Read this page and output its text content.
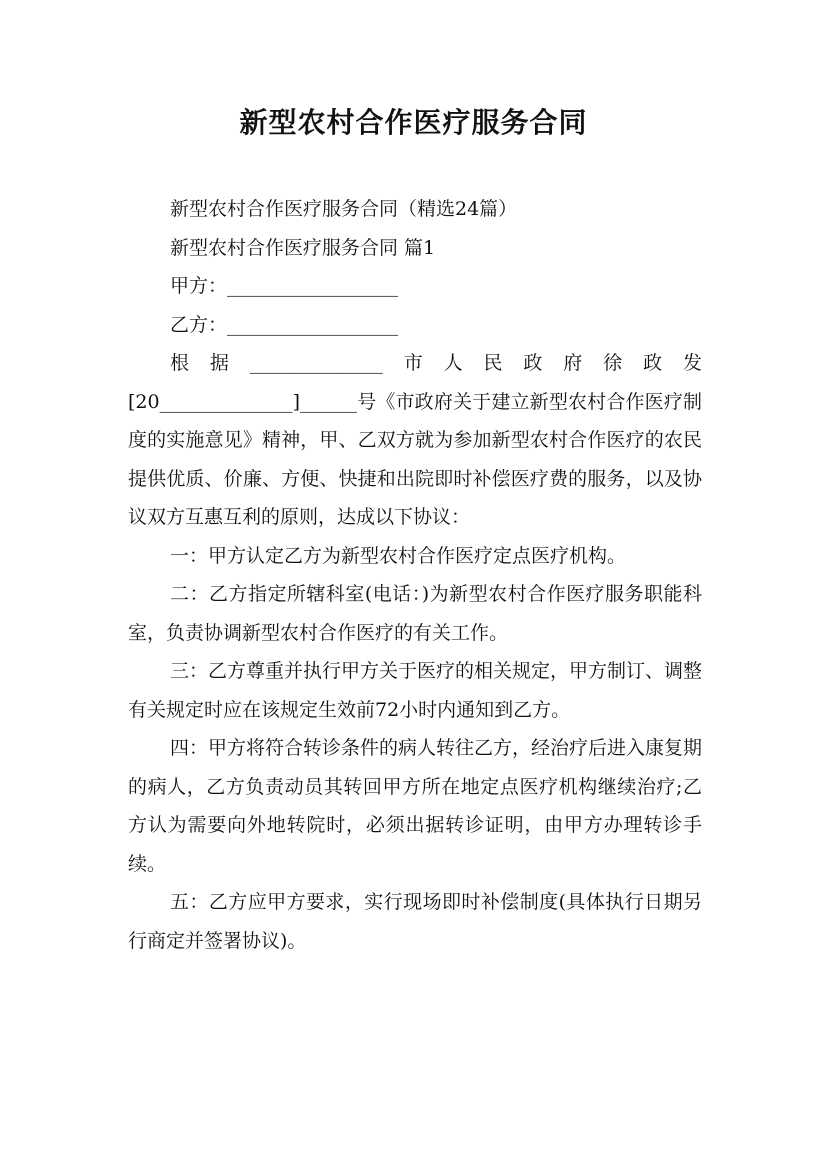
新型农村合作医疗服务合同

新型农村合作医疗服务合同（精选24篇）

新型农村合作医疗服务合同 篇1

甲方：__________________

乙方：__________________

根据______________市人民政府徐政发[20______________]______号《市政府关于建立新型农村合作医疗制度的实施意见》精神，甲、乙双方就为参加新型农村合作医疗的农民提供优质、价廉、方便、快捷和出院即时补偿医疗费的服务，以及协议双方互惠互利的原则，达成以下协议：

一：甲方认定乙方为新型农村合作医疗定点医疗机构。

二：乙方指定所辖科室(电话：)为新型农村合作医疗服务职能科室，负责协调新型农村合作医疗的有关工作。

三：乙方尊重并执行甲方关于医疗的相关规定，甲方制订、调整有关规定时应在该规定生效前72小时内通知到乙方。

四：甲方将符合转诊条件的病人转往乙方，经治疗后进入康复期的病人，乙方负责动员其转回甲方所在地定点医疗机构继续治疗;乙方认为需要向外地转院时，必须出据转诊证明，由甲方办理转诊手续。

五：乙方应甲方要求，实行现场即时补偿制度(具体执行日期另行商定并签署协议)。
